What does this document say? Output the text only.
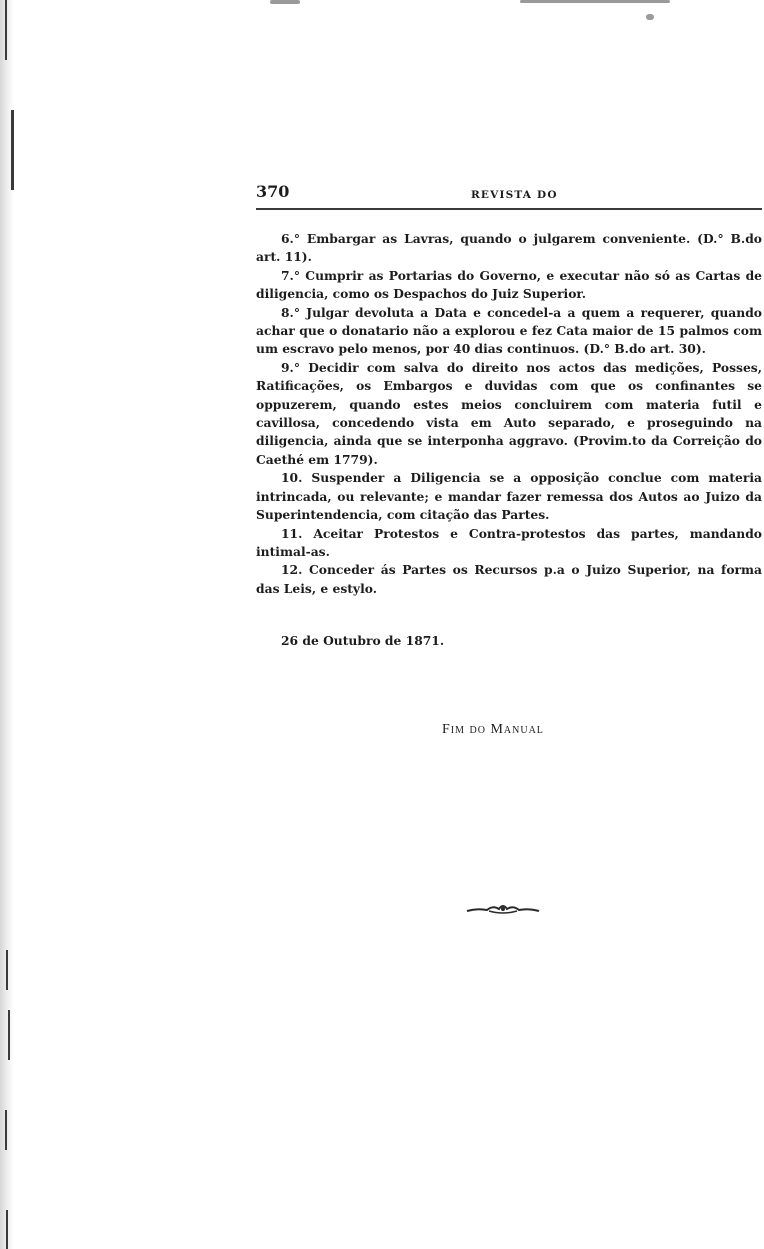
370	REVISTA DO

6.° Embargar as Lavras, quando o julgarem conveniente. (D.° B.do art. 11).

7.° Cumprir as Portarias do Governo, e executar não só as Cartas de diligencia, como os Despachos do Juiz Superior.

8.° Julgar devoluta a Data e concedel-a a quem a requerer, quando achar que o donatario não a explorou e fez Cata maior de 15 palmos com um escravo pelo menos, por 40 dias continuos. (D.° B.do art. 30).

9.° Decidir com salva do direito nos actos das medições, Posses, Ratificações, os Embargos e duvidas com que os confinantes se oppuzerem, quando estes meios concluirem com materia futil e cavillosa, concedendo vista em Auto separado, e proseguindo na diligencia, ainda que se interponha aggravo. (Provim.to da Correição do Caethé em 1779).

10. Suspender a Diligencia se a opposição conclue com materia intrincada, ou relevante; e mandar fazer remessa dos Autos ao Juizo da Superintendencia, com citação das Partes.

11. Aceitar Protestos e Contra-protestos das partes, mandando intimal-as.

12. Conceder ás Partes os Recursos p.a o Juizo Superior, na forma das Leis, e estylo.

26 de Outubro de 1871.
Fim do Manual
